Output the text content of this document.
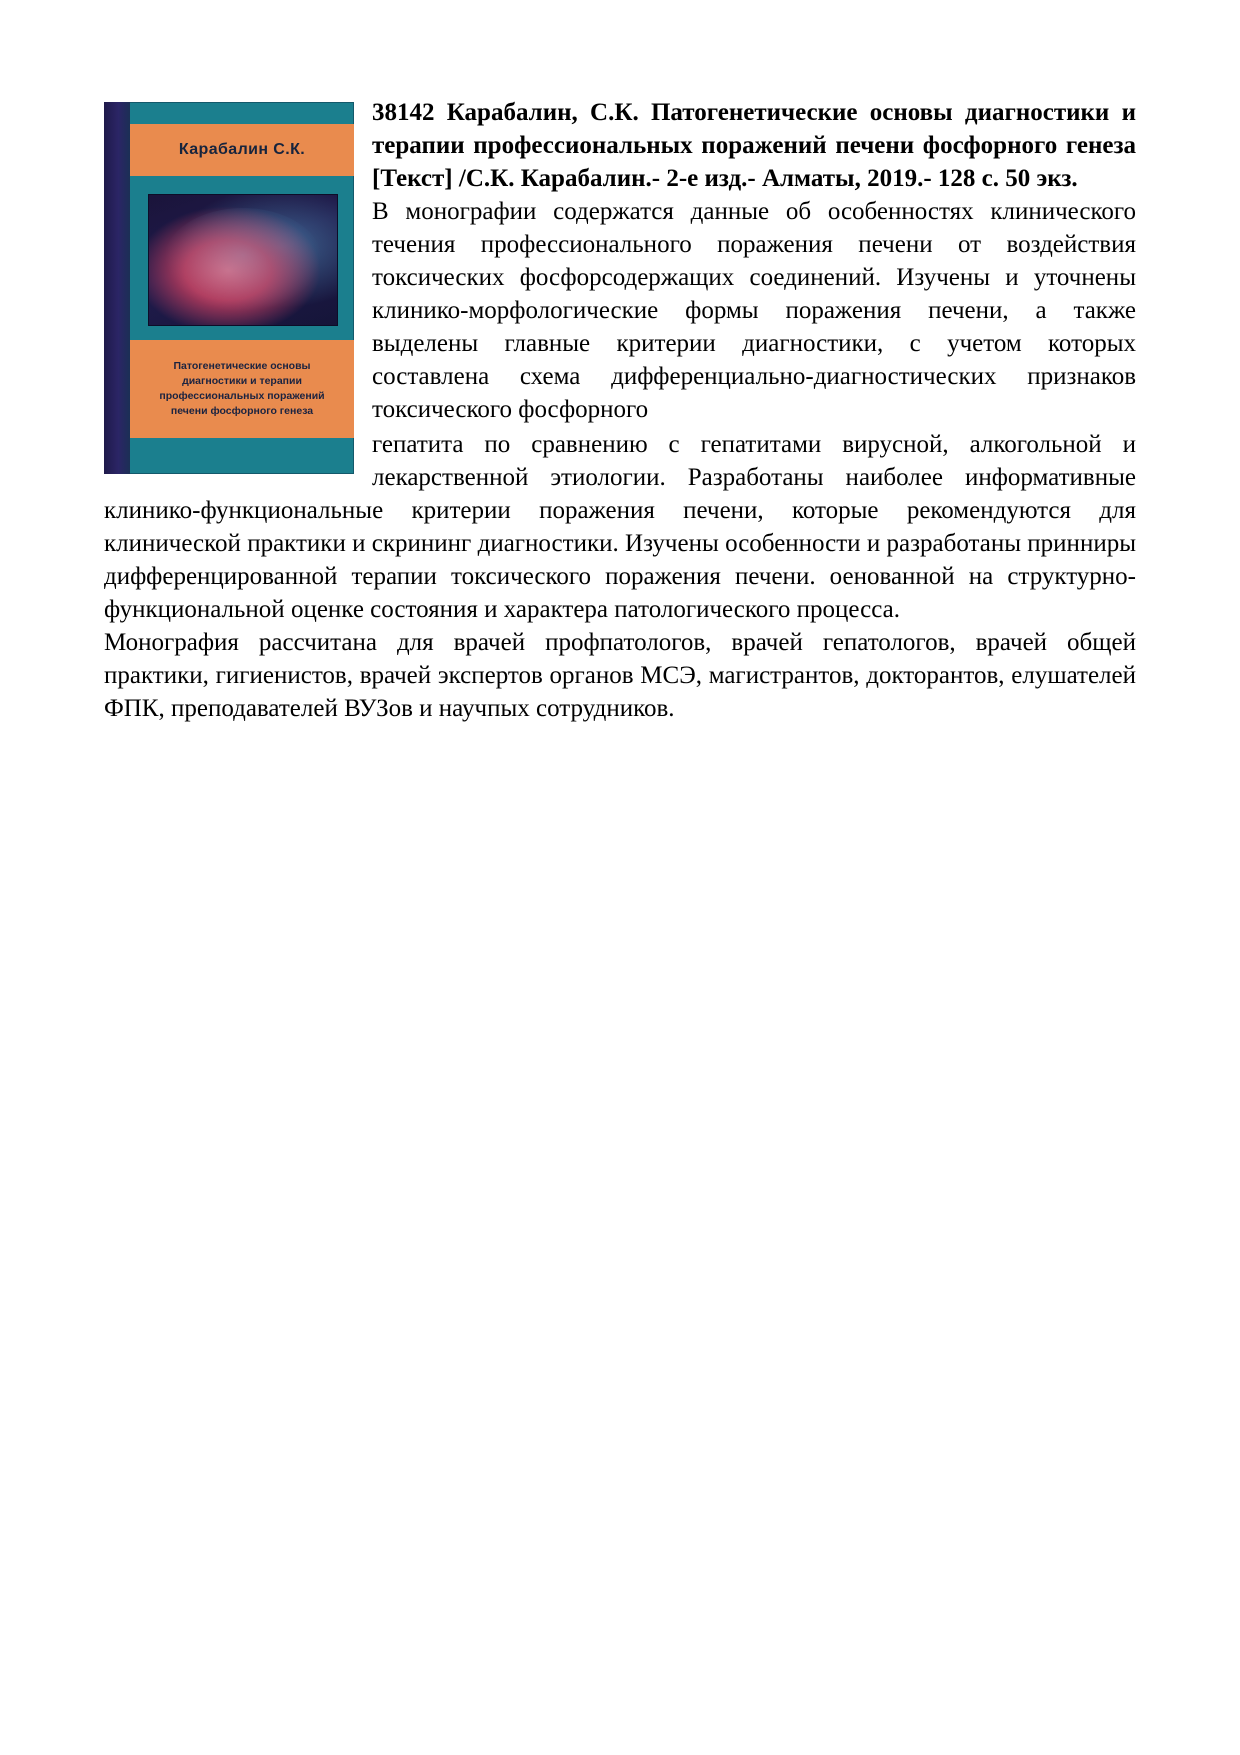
Карабалин С.К.
Патогенетические основы
диагностики и терапии
профессиональных поражений
печени фосфорного генеза

38142 Карабалин, С.К. Патогенетические основы диагностики и терапии профессиональных поражений печени фосфорного генеза [Текст] /С.К. Карабалин.- 2-е изд.- Алматы, 2019.- 128 с. 50 экз.

В монографии содержатся данные об особенностях клинического течения профессионального поражения печени от воздействия токсических фосфорсодержащих соединений. Изучены и уточнены клинико-морфологические формы поражения печени, а также выделены главные критерии диагностики, с учетом которых составлена схема дифференциально-диагностических признаков токсического фосфорного

гепатита по сравнению с гепатитами вирусной, алкогольной и лекарственной этиологии. Разработаны наиболее информативные клинико-функциональные критерии поражения печени, которые рекомендуются для клинической практики и скрининг диагностики. Изучены особенности и разработаны принниpы дифференцированной терапии токсического поражения печени. оенованной на структурно-функциональной оценке состояния и характера патологического процесса.

Монография рассчитана для врачей профпатологов, врачей гепатологов, врачей общей практики, гигиенистов, врачей экспертов органов МСЭ, магистрантов, докторантов, елушателей ФПК, преподавателей ВУЗов и научпых сотрудников.
